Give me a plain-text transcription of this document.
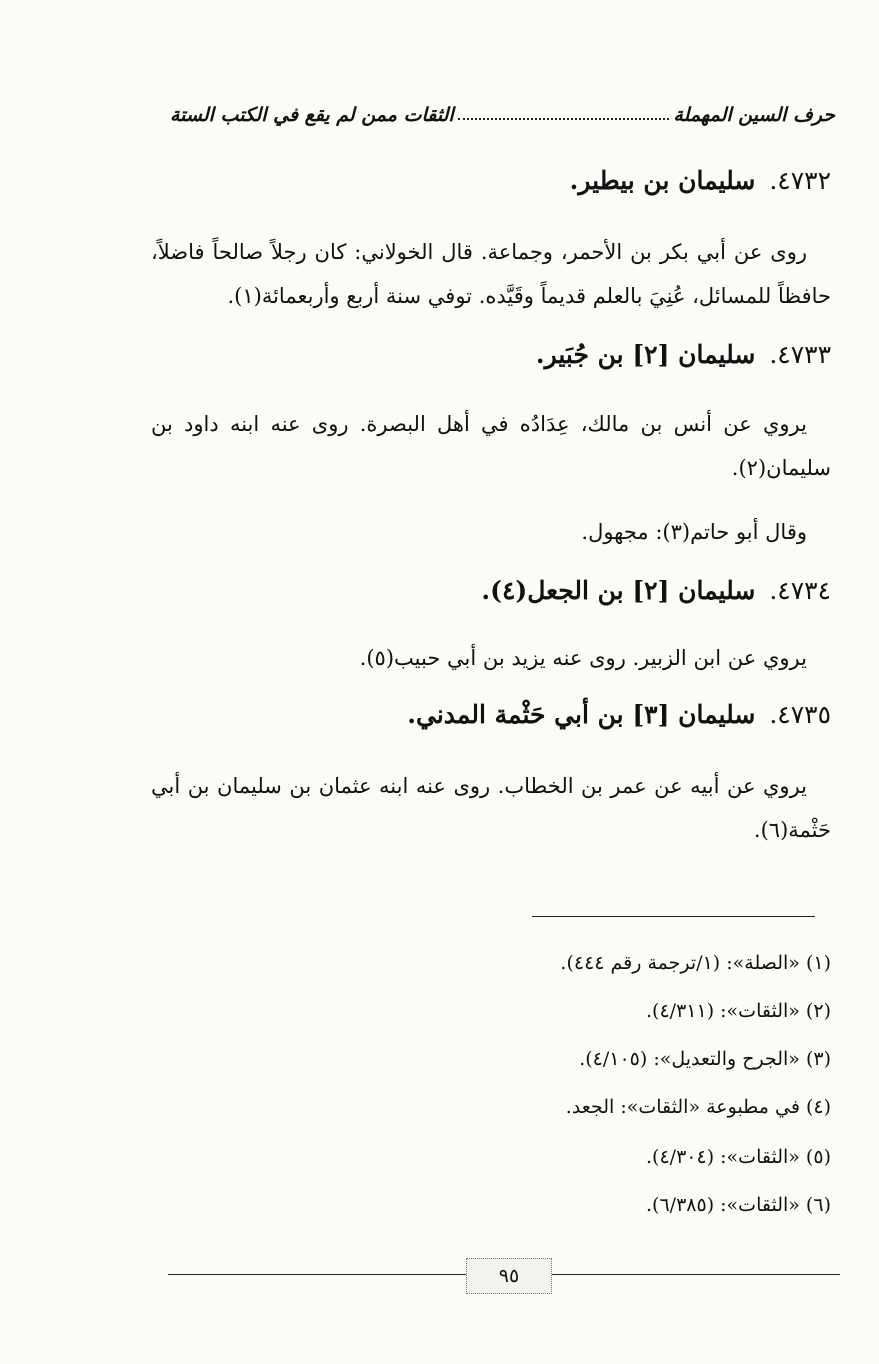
حرف السين المهملة
الثقات ممن لم يقع في الكتب الستة
٤٧٣٢.سليمان بن بيطير.
روى عن أبي بكر بن الأحمر، وجماعة. قال الخولاني: كان رجلاً صالحاً فاضلاً، حافظاً للمسائل، عُنِيَ بالعلم قديماً وقَيَّده. توفي سنة أربع وأربعمائة(١).
٤٧٣٣.سليمان [٢] بن جُبَير.
يروي عن أنس بن مالك، عِدَادُه في أهل البصرة. روى عنه ابنه داود بن سليمان(٢).
وقال أبو حاتم(٣): مجهول.
٤٧٣٤.سليمان [٢] بن الجعل(٤).
يروي عن ابن الزبير. روى عنه يزيد بن أبي حبيب(٥).
٤٧٣٥.سليمان [٣] بن أبي حَثْمة المدني.
يروي عن أبيه عن عمر بن الخطاب. روى عنه ابنه عثمان بن سليمان بن أبي حَثْمة(٦).
(١) «الصلة»: (١/ترجمة رقم ٤٤٤).
(٢) «الثقات»: (٤/٣١١).
(٣) «الجرح والتعديل»: (٤/١٠٥).
(٤) في مطبوعة «الثقات»: الجعد.
(٥) «الثقات»: (٤/٣٠٤).
(٦) «الثقات»: (٦/٣٨٥).
٩٥
